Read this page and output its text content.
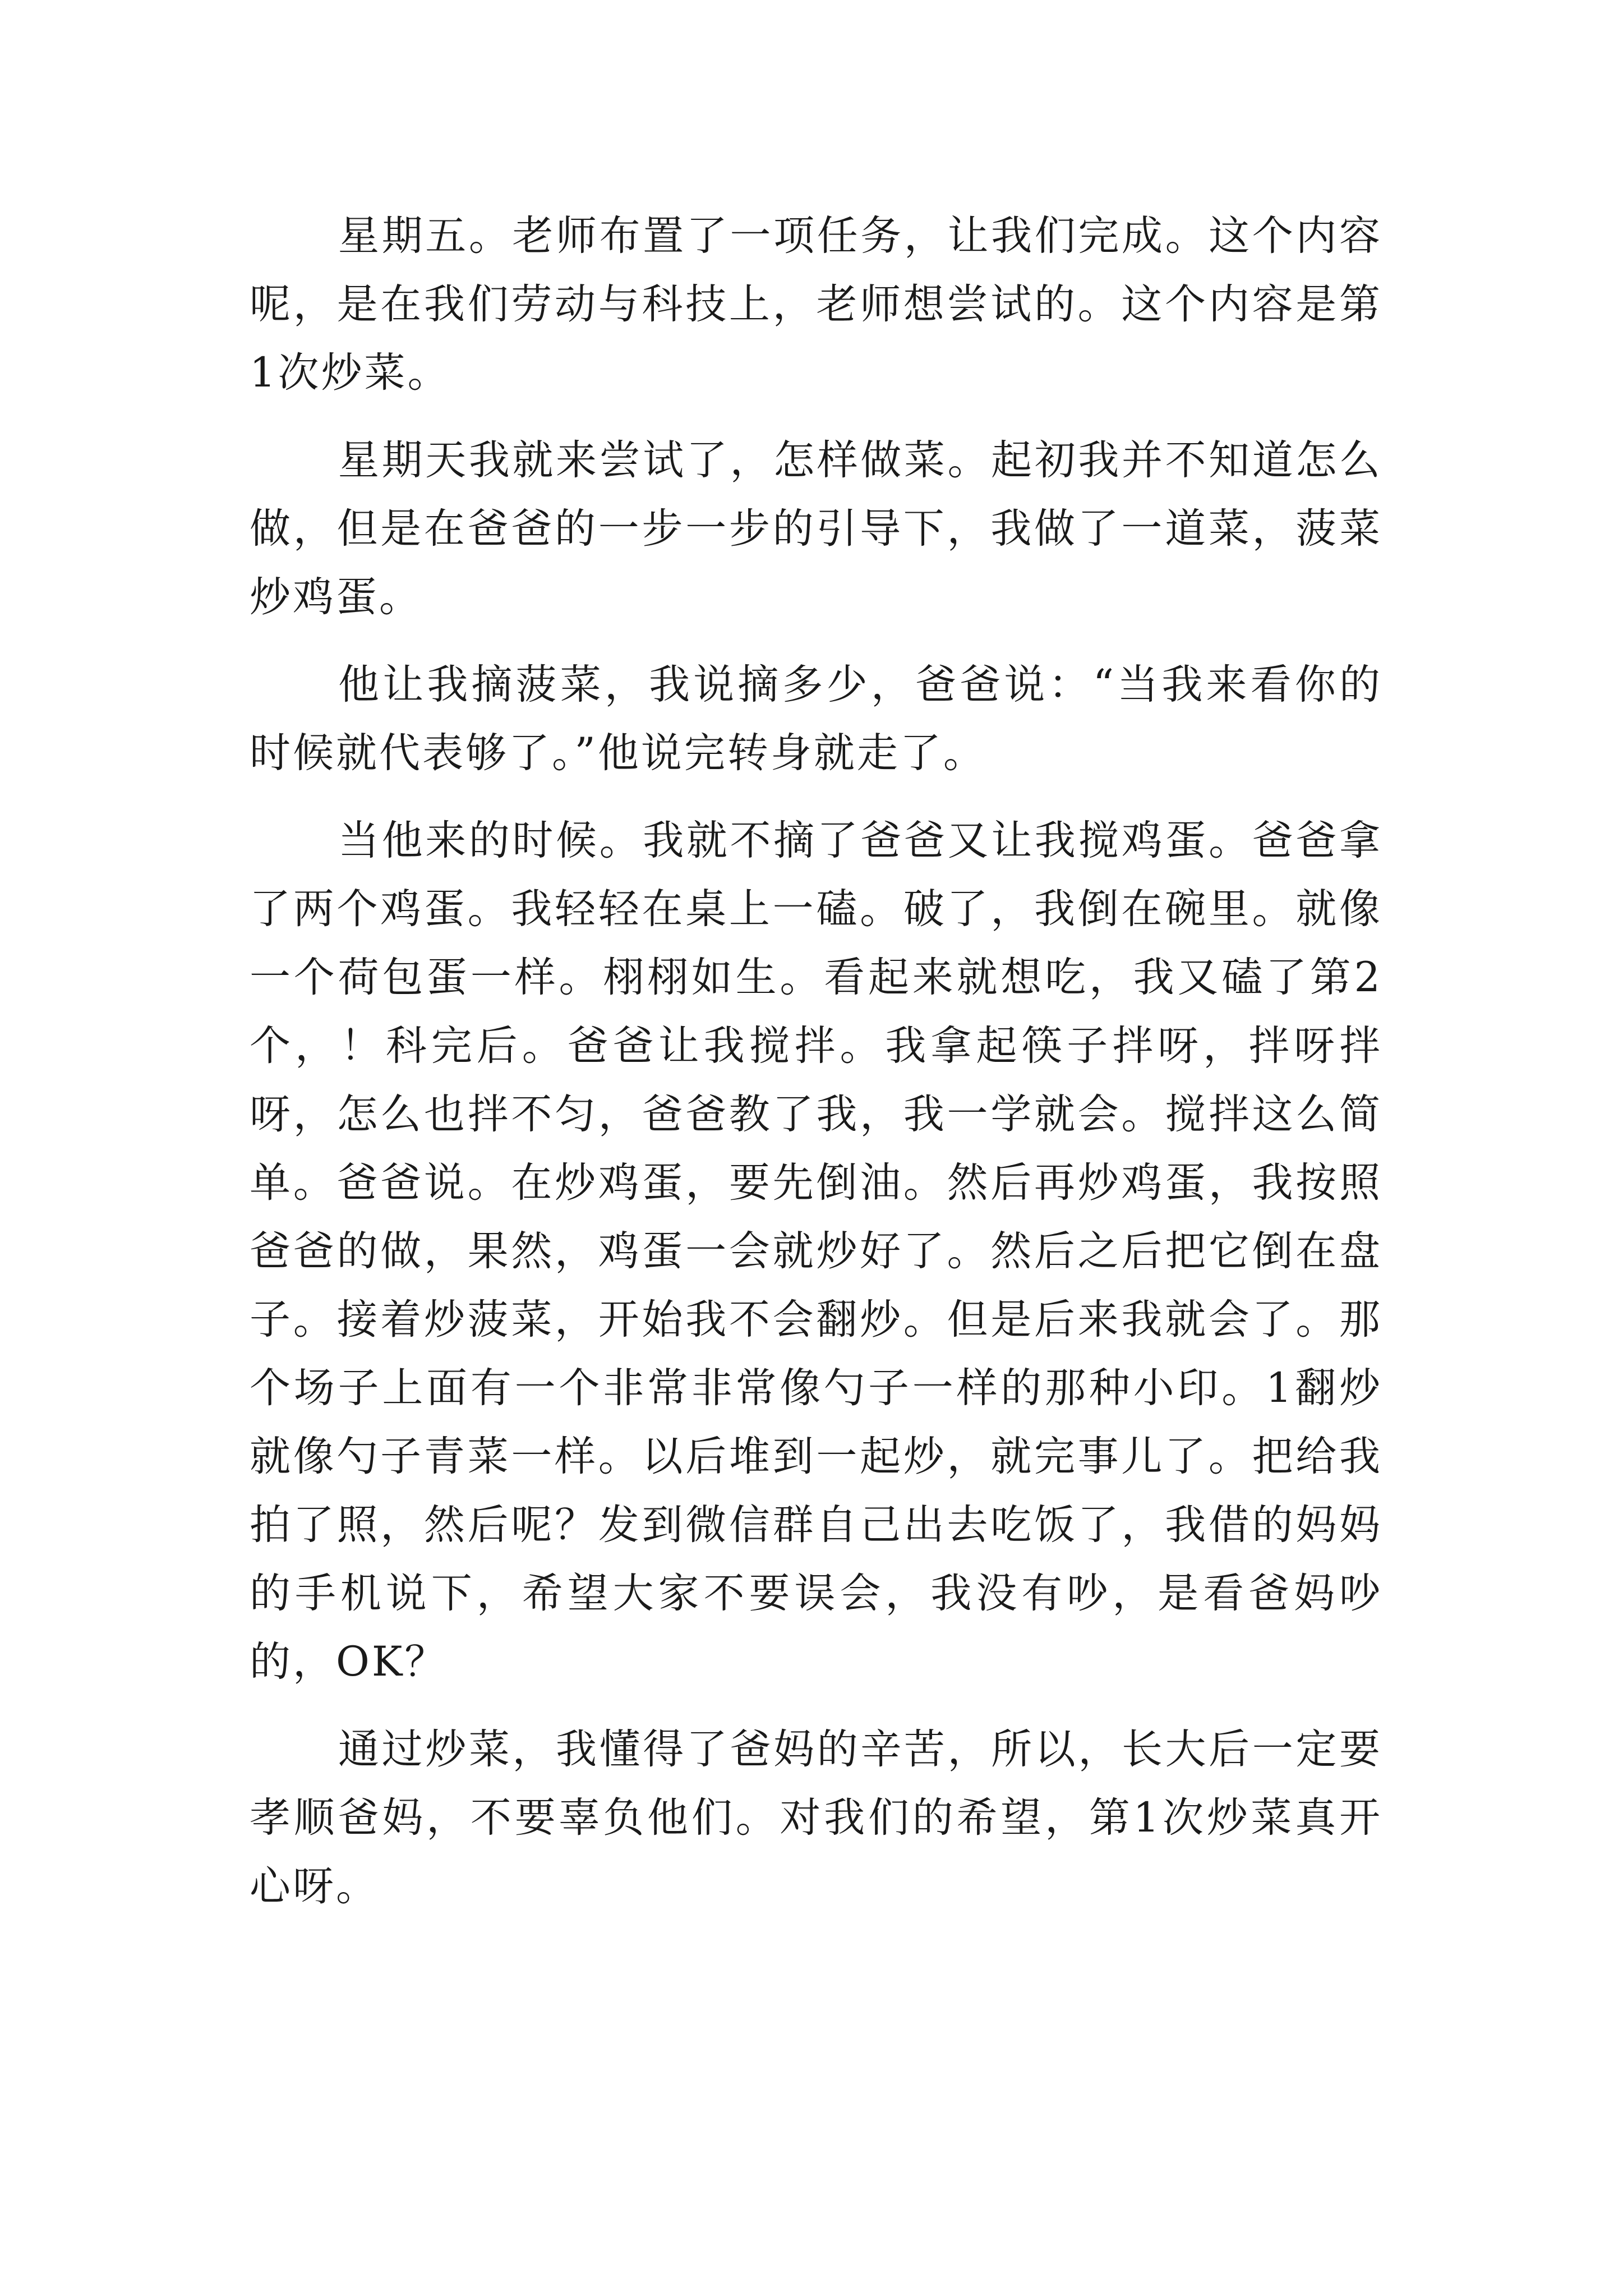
星期五。老师布置了一项任务，让我们完成。这个内容呢，是在我们劳动与科技上，老师想尝试的。这个内容是第1次炒菜。

星期天我就来尝试了，怎样做菜。起初我并不知道怎么做，但是在爸爸的一步一步的引导下，我做了一道菜，菠菜炒鸡蛋。

他让我摘菠菜，我说摘多少，爸爸说：“当我来看你的时候就代表够了。”他说完转身就走了。

当他来的时候。我就不摘了爸爸又让我搅鸡蛋。爸爸拿了两个鸡蛋。我轻轻在桌上一磕。破了，我倒在碗里。就像一个荷包蛋一样。栩栩如生。看起来就想吃，我又磕了第2个，！科完后。爸爸让我搅拌。我拿起筷子拌呀，拌呀拌呀，怎么也拌不匀，爸爸教了我，我一学就会。搅拌这么简单。爸爸说。在炒鸡蛋，要先倒油。然后再炒鸡蛋，我按照爸爸的做，果然，鸡蛋一会就炒好了。然后之后把它倒在盘子。接着炒菠菜，开始我不会翻炒。但是后来我就会了。那个场子上面有一个非常非常像勺子一样的那种小印。1翻炒就像勺子青菜一样。以后堆到一起炒，就完事儿了。把给我拍了照，然后呢？发到微信群自己出去吃饭了，我借的妈妈的手机说下，希望大家不要误会，我没有吵，是看爸妈吵的，OK？

通过炒菜，我懂得了爸妈的辛苦，所以，长大后一定要孝顺爸妈，不要辜负他们。对我们的希望，第1次炒菜真开心呀。
